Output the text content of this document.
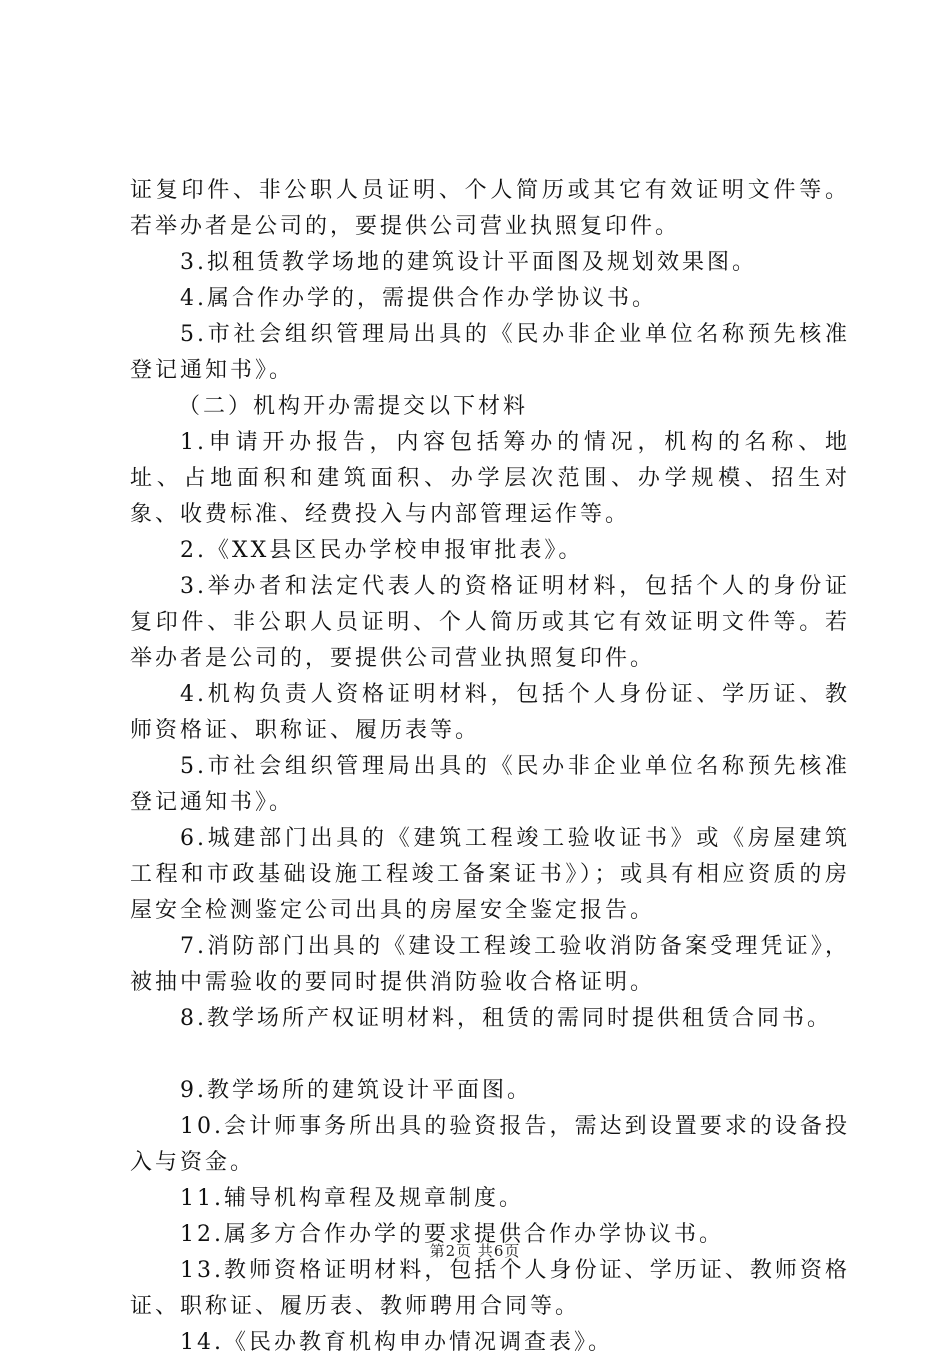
证复印件、非公职人员证明、个人简历或其它有效证明文件等。若举办者是公司的，要提供公司营业执照复印件。

3.拟租赁教学场地的建筑设计平面图及规划效果图。

4.属合作办学的，需提供合作办学协议书。

5.市社会组织管理局出具的《民办非企业单位名称预先核准登记通知书》。

（二）机构开办需提交以下材料

1.申请开办报告，内容包括筹办的情况，机构的名称、地址、占地面积和建筑面积、办学层次范围、办学规模、招生对象、收费标准、经费投入与内部管理运作等。

2.《XX县区民办学校申报审批表》。

3.举办者和法定代表人的资格证明材料，包括个人的身份证复印件、非公职人员证明、个人简历或其它有效证明文件等。若举办者是公司的，要提供公司营业执照复印件。

4.机构负责人资格证明材料，包括个人身份证、学历证、教师资格证、职称证、履历表等。

5.市社会组织管理局出具的《民办非企业单位名称预先核准登记通知书》。

6.城建部门出具的《建筑工程竣工验收证书》或《房屋建筑工程和市政基础设施工程竣工备案证书》）；或具有相应资质的房屋安全检测鉴定公司出具的房屋安全鉴定报告。

7.消防部门出具的《建设工程竣工验收消防备案受理凭证》，被抽中需验收的要同时提供消防验收合格证明。

8.教学场所产权证明材料，租赁的需同时提供租赁合同书。

9.教学场所的建筑设计平面图。

10.会计师事务所出具的验资报告，需达到设置要求的设备投入与资金。

11.辅导机构章程及规章制度。

12.属多方合作办学的要求提供合作办学协议书。

13.教师资格证明材料，包括个人身份证、学历证、教师资格证、职称证、履历表、教师聘用合同等。

14.《民办教育机构申办情况调查表》。

第2页 共6页
